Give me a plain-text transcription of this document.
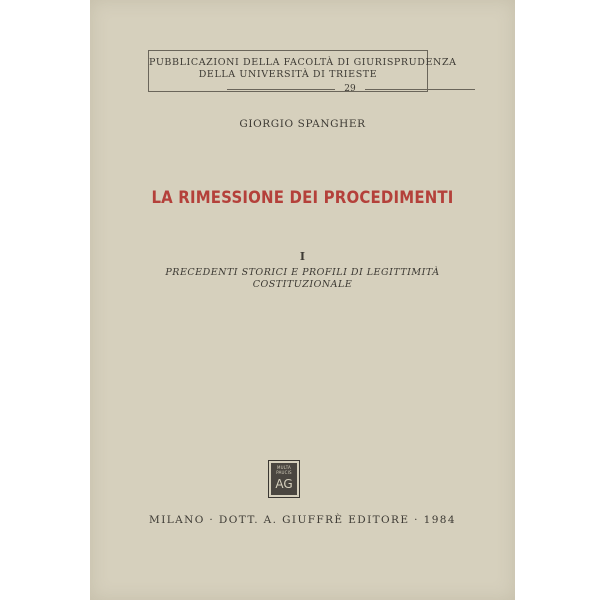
PUBBLICAZIONI DELLA FACOLTÀ DI GIURISPRUDENZA
DELLA UNIVERSITÀ DI TRIESTE
29
GIORGIO SPANGHER
LA RIMESSIONE DEI PROCEDIMENTI
I
PRECEDENTI STORICI E PROFILI DI LEGITTIMITÀ
COSTITUZIONALE
MULTA
PAUCIS
AG
MILANO · DOTT. A. GIUFFRÈ EDITORE · 1984
